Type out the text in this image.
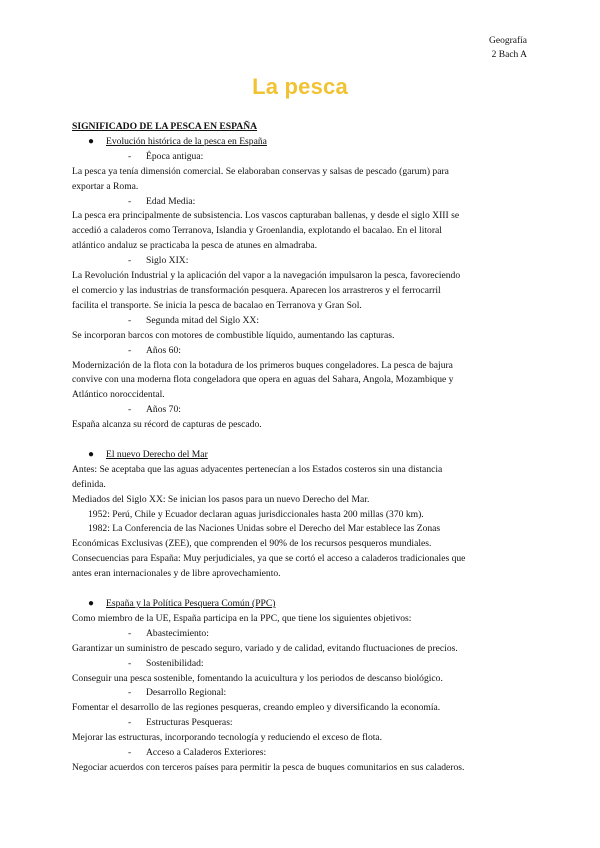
Geografía
2 Bach A
La pesca

SIGNIFICADO DE LA PESCA EN ESPAÑA

● Evolución histórica de la pesca en España

- Época antigua:

La pesca ya tenía dimensión comercial. Se elaboraban conservas y salsas de pescado (garum) para

exportar a Roma.

- Edad Media:

La pesca era principalmente de subsistencia. Los vascos capturaban ballenas, y desde el siglo XIII se

accedió a caladeros como Terranova, Islandia y Groenlandia, explotando el bacalao. En el litoral

atlántico andaluz se practicaba la pesca de atunes en almadraba.

- Siglo XIX:

La Revolución Industrial y la aplicación del vapor a la navegación impulsaron la pesca, favoreciendo

el comercio y las industrias de transformación pesquera. Aparecen los arrastreros y el ferrocarril

facilita el transporte. Se inicia la pesca de bacalao en Terranova y Gran Sol.

- Segunda mitad del Siglo XX:

Se incorporan barcos con motores de combustible líquido, aumentando las capturas.

- Años 60:

Modernización de la flota con la botadura de los primeros buques congeladores. La pesca de bajura

convive con una moderna flota congeladora que opera en aguas del Sahara, Angola, Mozambique y

Atlántico noroccidental.

- Años 70:

España alcanza su récord de capturas de pescado.

● El nuevo Derecho del Mar

Antes: Se aceptaba que las aguas adyacentes pertenecían a los Estados costeros sin una distancia

definida.

Mediados del Siglo XX: Se inician los pasos para un nuevo Derecho del Mar.

1952: Perú, Chile y Ecuador declaran aguas jurisdiccionales hasta 200 millas (370 km).

1982: La Conferencia de las Naciones Unidas sobre el Derecho del Mar establece las Zonas

Económicas Exclusivas (ZEE), que comprenden el 90% de los recursos pesqueros mundiales.

Consecuencias para España: Muy perjudiciales, ya que se cortó el acceso a caladeros tradicionales que

antes eran internacionales y de libre aprovechamiento.

● España y la Política Pesquera Común (PPC)

Como miembro de la UE, España participa en la PPC, que tiene los siguientes objetivos:

- Abastecimiento:

Garantizar un suministro de pescado seguro, variado y de calidad, evitando fluctuaciones de precios.

- Sostenibilidad:

Conseguir una pesca sostenible, fomentando la acuicultura y los periodos de descanso biológico.

- Desarrollo Regional:

Fomentar el desarrollo de las regiones pesqueras, creando empleo y diversificando la economía.

- Estructuras Pesqueras:

Mejorar las estructuras, incorporando tecnología y reduciendo el exceso de flota.

- Acceso a Caladeros Exteriores:

Negociar acuerdos con terceros países para permitir la pesca de buques comunitarios en sus caladeros.
